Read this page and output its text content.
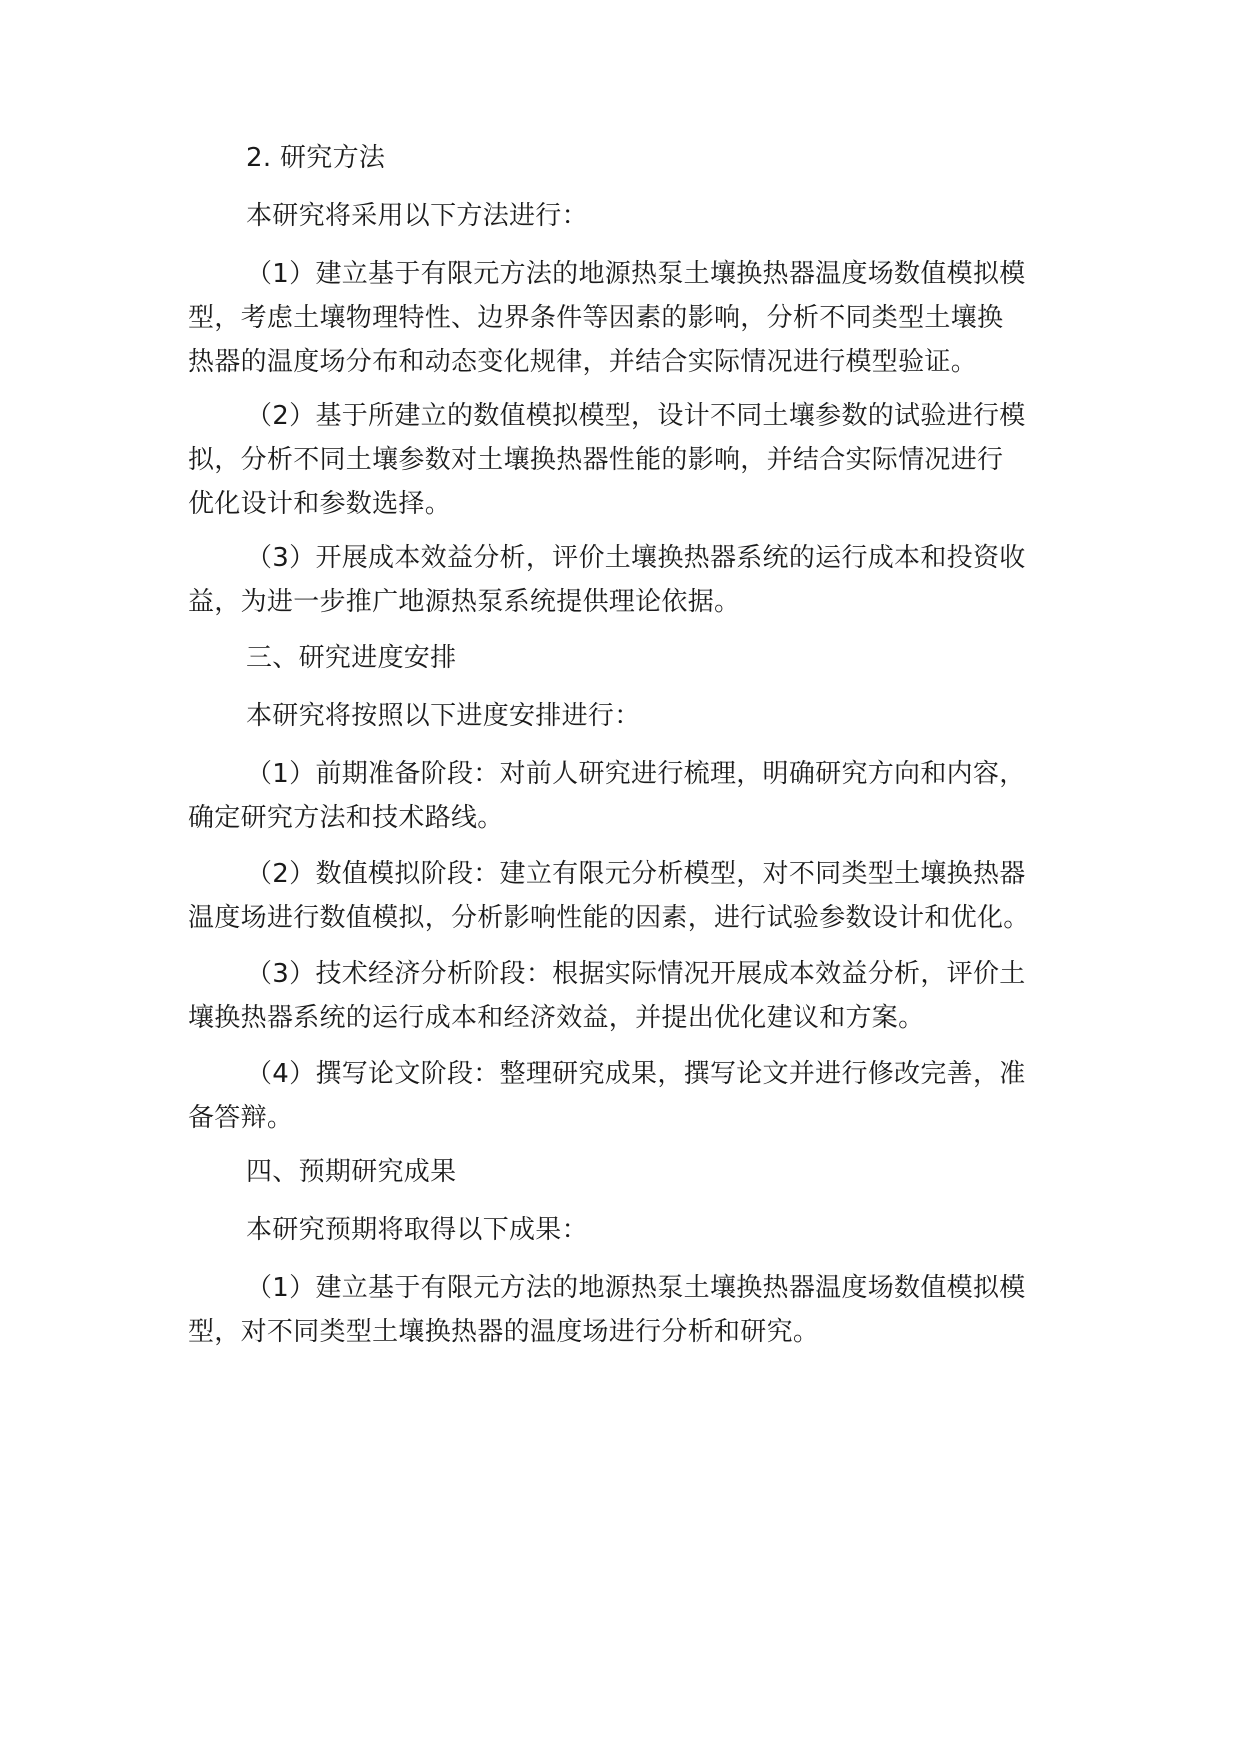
2. 研究方法

本研究将采用以下方法进行：

（1）建立基于有限元方法的地源热泵土壤换热器温度场数值模拟模
型，考虑土壤物理特性、边界条件等因素的影响，分析不同类型土壤换
热器的温度场分布和动态变化规律，并结合实际情况进行模型验证。

（2）基于所建立的数值模拟模型，设计不同土壤参数的试验进行模
拟，分析不同土壤参数对土壤换热器性能的影响，并结合实际情况进行
优化设计和参数选择。

（3）开展成本效益分析，评价土壤换热器系统的运行成本和投资收
益，为进一步推广地源热泵系统提供理论依据。

三、研究进度安排

本研究将按照以下进度安排进行：

（1）前期准备阶段：对前人研究进行梳理，明确研究方向和内容，
确定研究方法和技术路线。

（2）数值模拟阶段：建立有限元分析模型，对不同类型土壤换热器
温度场进行数值模拟，分析影响性能的因素，进行试验参数设计和优化。

（3）技术经济分析阶段：根据实际情况开展成本效益分析，评价土
壤换热器系统的运行成本和经济效益，并提出优化建议和方案。

（4）撰写论文阶段：整理研究成果，撰写论文并进行修改完善，准
备答辩。

四、预期研究成果

本研究预期将取得以下成果：

（1）建立基于有限元方法的地源热泵土壤换热器温度场数值模拟模
型，对不同类型土壤换热器的温度场进行分析和研究。
